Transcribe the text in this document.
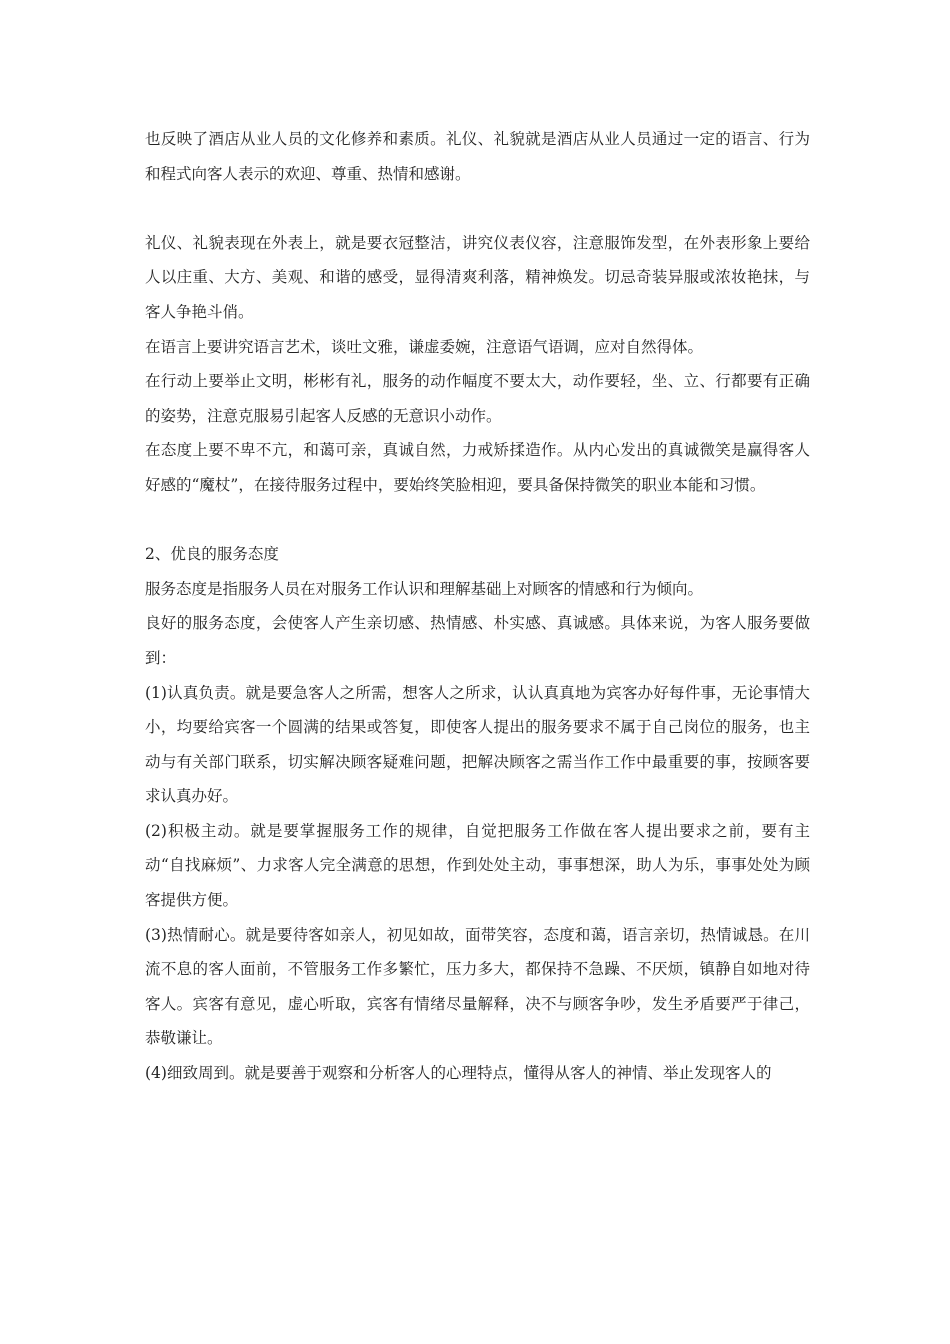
也反映了酒店从业人员的文化修养和素质。礼仪、礼貌就是酒店从业人员通过一定的语言、行为和程式向客人表示的欢迎、尊重、热情和感谢。

礼仪、礼貌表现在外表上，就是要衣冠整洁，讲究仪表仪容，注意服饰发型，在外表形象上要给人以庄重、大方、美观、和谐的感受，显得清爽利落，精神焕发。切忌奇装异服或浓妆艳抹，与客人争艳斗俏。

在语言上要讲究语言艺术，谈吐文雅，谦虚委婉，注意语气语调，应对自然得体。

在行动上要举止文明，彬彬有礼，服务的动作幅度不要太大，动作要轻，坐、立、行都要有正确的姿势，注意克服易引起客人反感的无意识小动作。

在态度上要不卑不亢，和蔼可亲，真诚自然，力戒矫揉造作。从内心发出的真诚微笑是赢得客人好感的“魔杖”，在接待服务过程中，要始终笑脸相迎，要具备保持微笑的职业本能和习惯。

2、优良的服务态度

服务态度是指服务人员在对服务工作认识和理解基础上对顾客的情感和行为倾向。

良好的服务态度，会使客人产生亲切感、热情感、朴实感、真诚感。具体来说，为客人服务要做到：

(1)认真负责。就是要急客人之所需，想客人之所求，认认真真地为宾客办好每件事，无论事情大小，均要给宾客一个圆满的结果或答复，即使客人提出的服务要求不属于自己岗位的服务，也主动与有关部门联系，切实解决顾客疑难问题，把解决顾客之需当作工作中最重要的事，按顾客要求认真办好。

(2)积极主动。就是要掌握服务工作的规律，自觉把服务工作做在客人提出要求之前，要有主动“自找麻烦”、力求客人完全满意的思想，作到处处主动，事事想深，助人为乐，事事处处为顾客提供方便。

(3)热情耐心。就是要待客如亲人，初见如故，面带笑容，态度和蔼，语言亲切，热情诚恳。在川流不息的客人面前，不管服务工作多繁忙，压力多大，都保持不急躁、不厌烦，镇静自如地对待客人。宾客有意见，虚心听取，宾客有情绪尽量解释，决不与顾客争吵，发生矛盾要严于律己，恭敬谦让。

(4)细致周到。就是要善于观察和分析客人的心理特点，懂得从客人的神情、举止发现客人的
